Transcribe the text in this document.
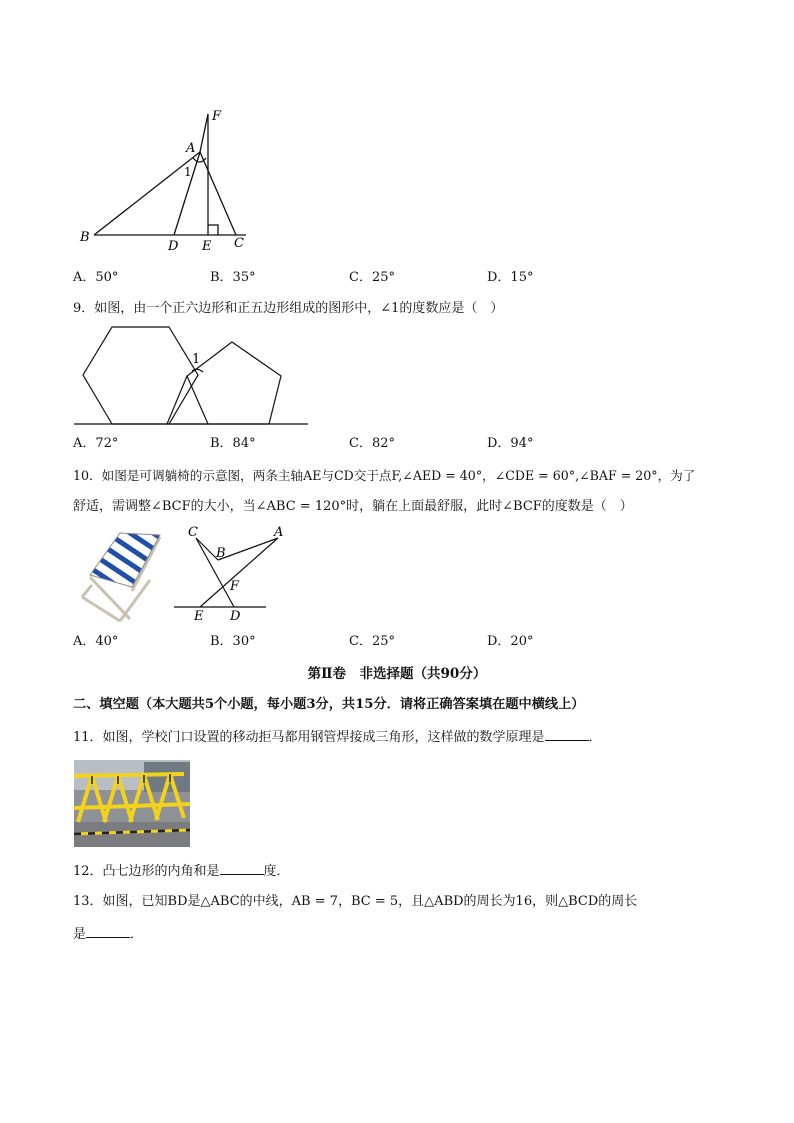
F
A
1
B
D E C
A．50°	B．35°	C．25°	D．15°
9．如图，由一个正六边形和正五边形组成的图形中，∠1的度数应是（　）
1
A．72°	B．84°	C．82°	D．94°
10．如图是可调躺椅的示意图，两条主轴AE与CD交于点F,∠AED = 40°，∠CDE = 60°,∠BAF = 20°，为了
舒适，需调整∠BCF的大小，当∠ABC = 120°时，躺在上面最舒服，此时∠BCF的度数是（　）
C	A
B
F
E D
A．40°	B．30°	C．25°	D．20°
第Ⅱ卷　非选择题（共90分）
二、填空题（本大题共5个小题，每小题3分，共15分．请将正确答案填在题中横线上）
11．如图，学校门口设置的移动拒马都用钢管焊接成三角形，这样做的数学原理是	．
12．凸七边形的内角和是	度．
13．如图，已知BD是△ABC的中线，AB = 7，BC = 5，且△ABD的周长为16，则△BCD的周长
是	．
